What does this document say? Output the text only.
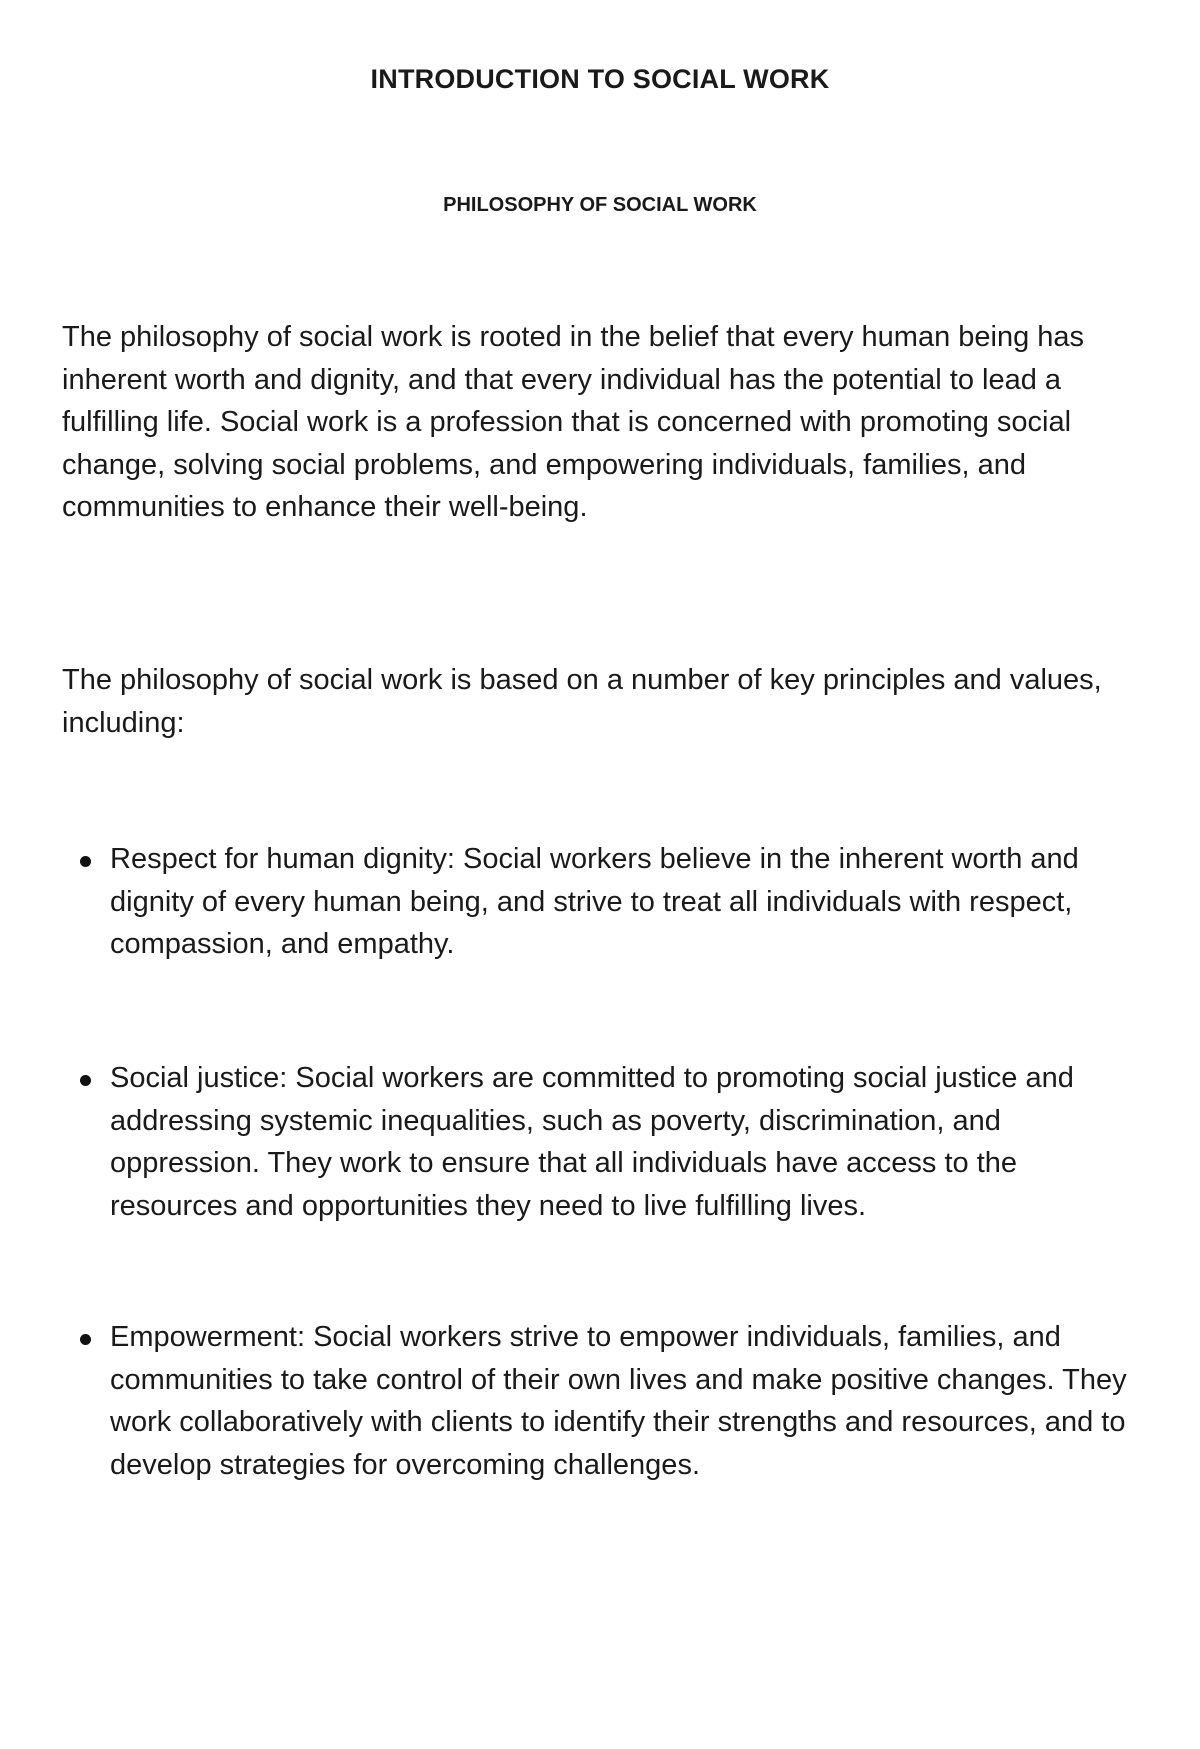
INTRODUCTION TO SOCIAL WORK
PHILOSOPHY OF SOCIAL WORK

The philosophy of social work is rooted in the belief that every human being has inherent worth and dignity, and that every individual has the potential to lead a fulfilling life. Social work is a profession that is concerned with promoting social change, solving social problems, and empowering individuals, families, and communities to enhance their well-being.

The philosophy of social work is based on a number of key principles and values, including:

Respect for human dignity: Social workers believe in the inherent worth and dignity of every human being, and strive to treat all individuals with respect, compassion, and empathy.
Social justice: Social workers are committed to promoting social justice and addressing systemic inequalities, such as poverty, discrimination, and oppression. They work to ensure that all individuals have access to the resources and opportunities they need to live fulfilling lives.
Empowerment: Social workers strive to empower individuals, families, and communities to take control of their own lives and make positive changes. They work collaboratively with clients to identify their strengths and resources, and to develop strategies for overcoming challenges.
